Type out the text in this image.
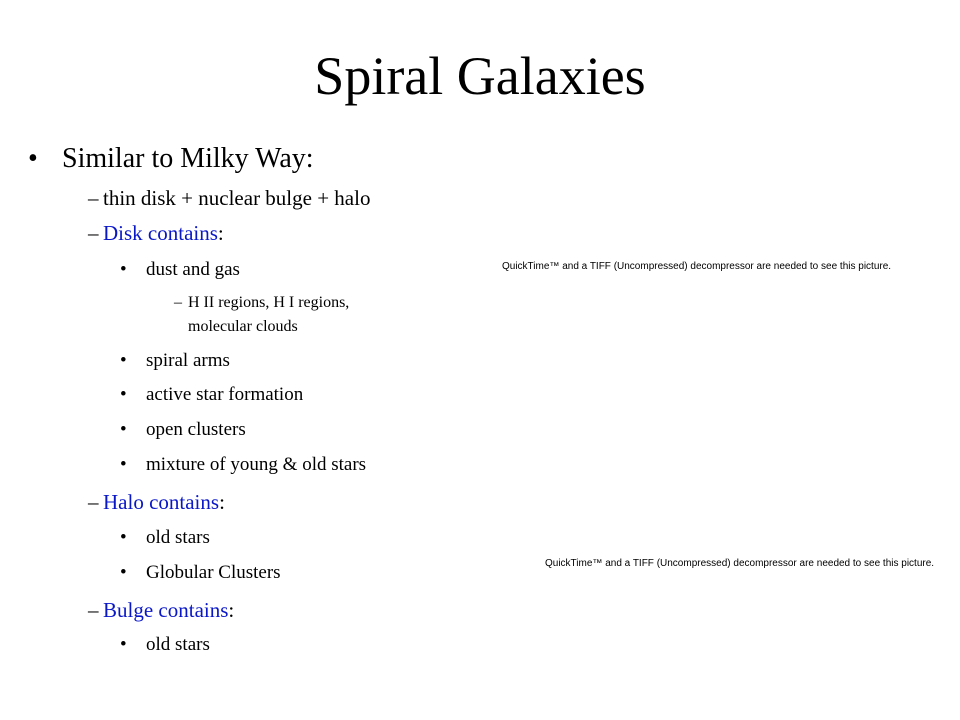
Spiral Galaxies
• Similar to Milky Way:
– thin disk + nuclear bulge + halo
– Disk contains:
• dust and gas
– H II regions, H I regions,
molecular clouds
• spiral arms
• active star formation
• open clusters
• mixture of young & old stars
– Halo contains:
• old stars
• Globular Clusters
– Bulge contains:
• old stars
QuickTime™ and a TIFF (Uncompressed) decompressor are needed to see this picture.
QuickTime™ and a TIFF (Uncompressed) decompressor are needed to see this picture.
